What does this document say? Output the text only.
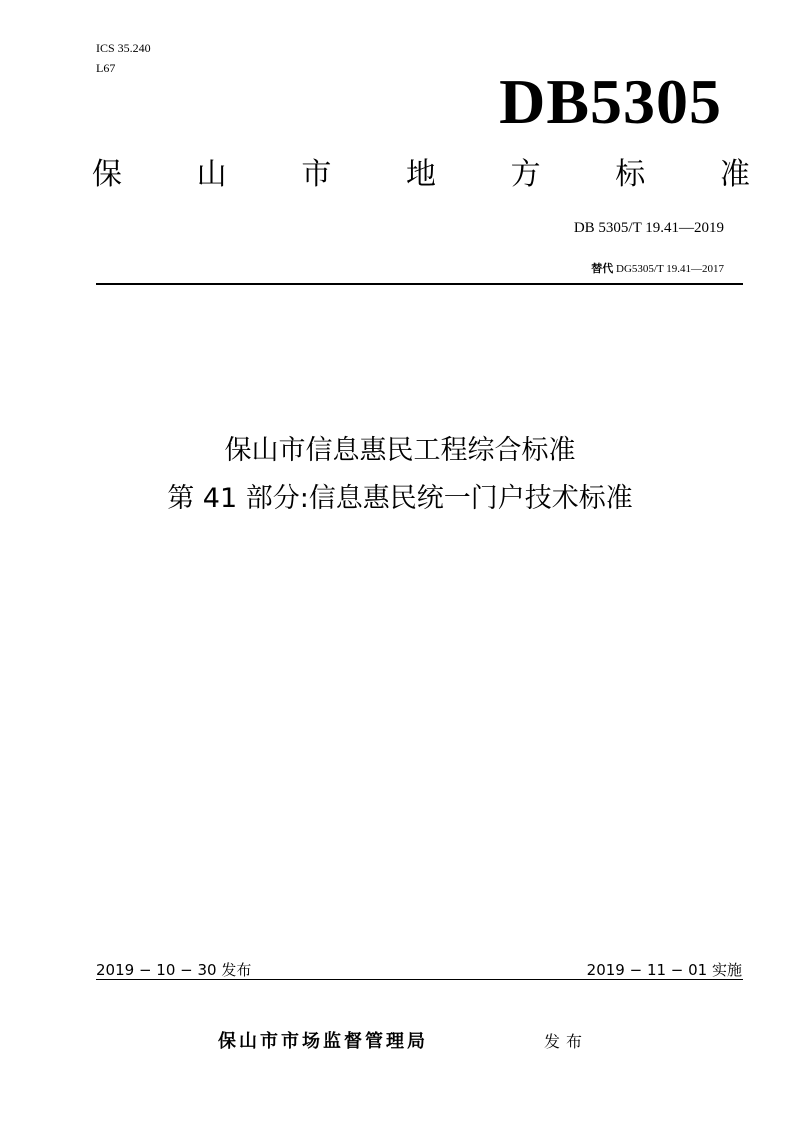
ICS 35.240
L67	DB5305
保 山 市 地 方 标 准
DB 5305/T 19.41—2019
替代 DG5305/T 19.41—2017
保山市信息惠民工程综合标准
第 41 部分:信息惠民统一门户技术标准
2019 − 10 − 30 发布	2019 − 11 − 01 实施
保山市市场监督管理局	发布
